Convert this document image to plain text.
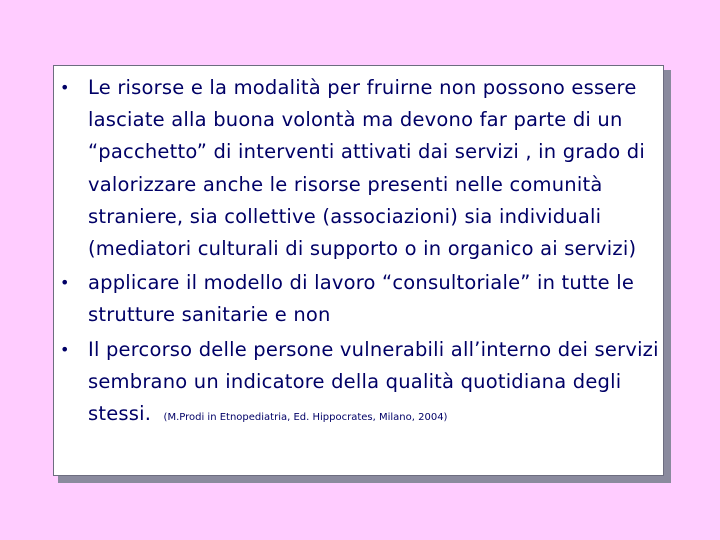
• Le risorse e la modalità per fruirne non possono essere lasciate alla buona volontà ma devono far parte di un “pacchetto” di interventi attivati dai servizi , in grado di valorizzare anche le risorse presenti nelle comunità straniere, sia collettive (associazioni) sia individuali (mediatori culturali di supporto o in organico ai servizi)
• applicare il modello di lavoro “consultoriale” in tutte le strutture sanitarie e non
• Il percorso delle persone vulnerabili all’interno dei servizi sembrano un indicatore della qualità quotidiana degli stessi. (M.Prodi in Etnopediatria, Ed. Hippocrates, Milano, 2004)
